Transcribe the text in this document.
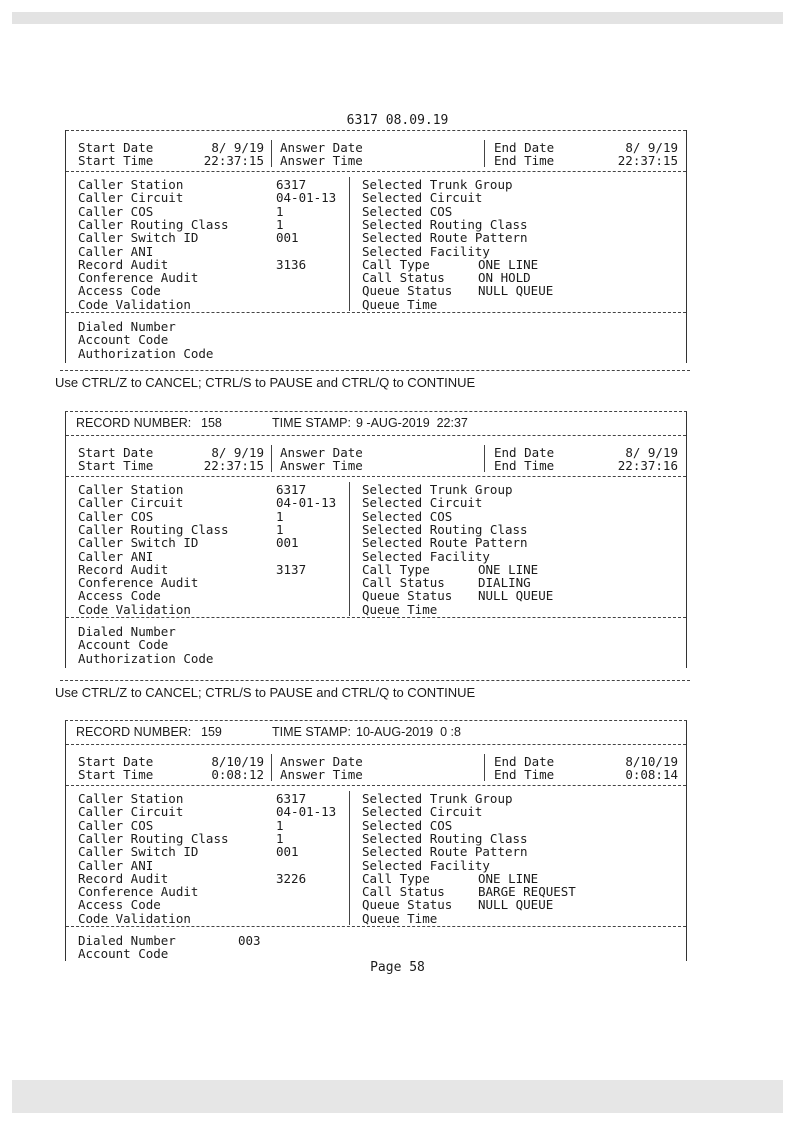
6317 08.09.19
Start Date	8/ 9/19
Start Time	22:37:15
Answer Date
Answer Time
End Date	8/ 9/19
End Time	22:37:15
Caller Station	6317
Caller Circuit	04-01-13
Caller COS	1
Caller Routing Class	1
Caller Switch ID	001
Caller ANI
Record Audit	3136
Conference Audit
Access Code
Code Validation
Selected Trunk Group
Selected Circuit
Selected COS
Selected Routing Class
Selected Route Pattern
Selected Facility
Call Type	ONE LINE
Call Status	ON HOLD
Queue Status NULL QUEUE
Queue Time
Dialed Number
Account Code
Authorization Code
Use CTRL/Z to CANCEL; CTRL/S to PAUSE and CTRL/Q to CONTINUE
RECORD NUMBER: 158	TIME STAMP: 9 -AUG-2019  22:37
Start Date	8/ 9/19
Start Time	22:37:15
Answer Date
Answer Time
End Date	8/ 9/19
End Time	22:37:16
Caller Station	6317
Caller Circuit	04-01-13
Caller COS	1
Caller Routing Class	1
Caller Switch ID	001
Caller ANI
Record Audit	3137
Conference Audit
Access Code
Code Validation
Selected Trunk Group
Selected Circuit
Selected COS
Selected Routing Class
Selected Route Pattern
Selected Facility
Call Type	ONE LINE
Call Status	DIALING
Queue Status NULL QUEUE
Queue Time
Dialed Number
Account Code
Authorization Code
Use CTRL/Z to CANCEL; CTRL/S to PAUSE and CTRL/Q to CONTINUE
RECORD NUMBER: 159	TIME STAMP: 10-AUG-2019  0 :8
Start Date	8/10/19
Start Time	0:08:12
Answer Date
Answer Time
End Date	8/10/19
End Time	0:08:14
Caller Station	6317
Caller Circuit	04-01-13
Caller COS	1
Caller Routing Class	1
Caller Switch ID	001
Caller ANI
Record Audit	3226
Conference Audit
Access Code
Code Validation
Selected Trunk Group
Selected Circuit
Selected COS
Selected Routing Class
Selected Route Pattern
Selected Facility
Call Type	ONE LINE
Call Status	BARGE REQUEST
Queue Status NULL QUEUE
Queue Time
Dialed Number	003
Account Code
Page 58
